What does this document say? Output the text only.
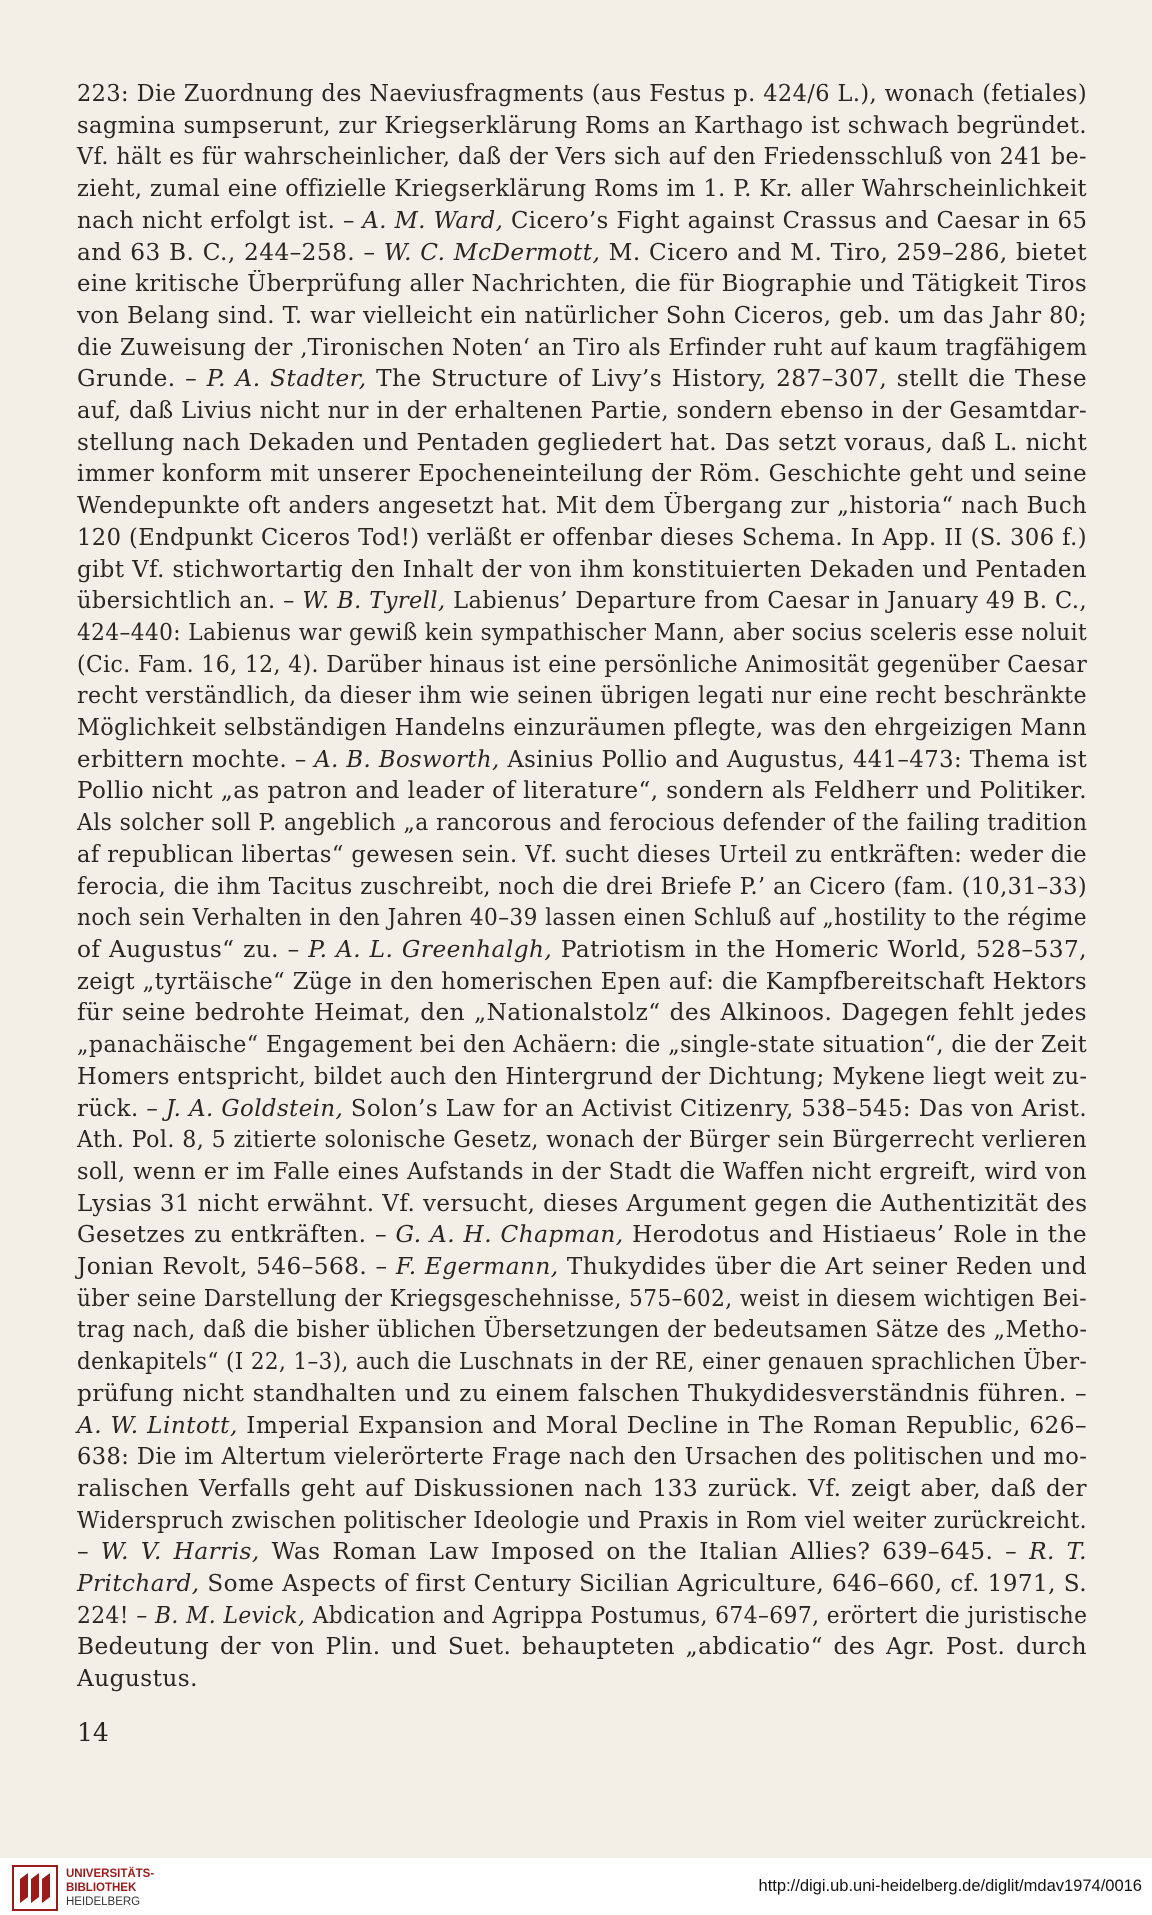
223: Die Zuordnung des Naeviusfragments (aus Festus p. 424/6 L.), wonach (fetiales)
sagmina sumpserunt, zur Kriegserklärung Roms an Karthago ist schwach begründet.
Vf. hält es für wahrscheinlicher, daß der Vers sich auf den Friedensschluß von 241 be-
zieht, zumal eine offizielle Kriegserklärung Roms im 1. P. Kr. aller Wahrscheinlichkeit
nach nicht erfolgt ist. – A. M. Ward, Cicero’s Fight against Crassus and Caesar in 65
and 63 B. C., 244–258. – W. C. McDermott, M. Cicero and M. Tiro, 259–286, bietet
eine kritische Überprüfung aller Nachrichten, die für Biographie und Tätigkeit Tiros
von Belang sind. T. war vielleicht ein natürlicher Sohn Ciceros, geb. um das Jahr 80;
die Zuweisung der ‚Tironischen Noten‘ an Tiro als Erfinder ruht auf kaum tragfähigem
Grunde. – P. A. Stadter, The Structure of Livy’s History, 287–307, stellt die These
auf, daß Livius nicht nur in der erhaltenen Partie, sondern ebenso in der Gesamtdar-
stellung nach Dekaden und Pentaden gegliedert hat. Das setzt voraus, daß L. nicht
immer konform mit unserer Epocheneinteilung der Röm. Geschichte geht und seine
Wendepunkte oft anders angesetzt hat. Mit dem Übergang zur „historia“ nach Buch
120 (Endpunkt Ciceros Tod!) verläßt er offenbar dieses Schema. In App. II (S. 306 f.)
gibt Vf. stichwortartig den Inhalt der von ihm konstituierten Dekaden und Pentaden
übersichtlich an. – W. B. Tyrell, Labienus’ Departure from Caesar in January 49 B. C.,
424–440: Labienus war gewiß kein sympathischer Mann, aber socius sceleris esse noluit
(Cic. Fam. 16, 12, 4). Darüber hinaus ist eine persönliche Animosität gegenüber Caesar
recht verständlich, da dieser ihm wie seinen übrigen legati nur eine recht beschränkte
Möglichkeit selbständigen Handelns einzuräumen pflegte, was den ehrgeizigen Mann
erbittern mochte. – A. B. Bosworth, Asinius Pollio and Augustus, 441–473: Thema ist
Pollio nicht „as patron and leader of literature“, sondern als Feldherr und Politiker.
Als solcher soll P. angeblich „a rancorous and ferocious defender of the failing tradition
af republican libertas“ gewesen sein. Vf. sucht dieses Urteil zu entkräften: weder die
ferocia, die ihm Tacitus zuschreibt, noch die drei Briefe P.’ an Cicero (fam. (10,31–33)
noch sein Verhalten in den Jahren 40–39 lassen einen Schluß auf „hostility to the régime
of Augustus“ zu. – P. A. L. Greenhalgh, Patriotism in the Homeric World, 528–537,
zeigt „tyrtäische“ Züge in den homerischen Epen auf: die Kampfbereitschaft Hektors
für seine bedrohte Heimat, den „Nationalstolz“ des Alkinoos. Dagegen fehlt jedes
„panachäische“ Engagement bei den Achäern: die „single-state situation“, die der Zeit
Homers entspricht, bildet auch den Hintergrund der Dichtung; Mykene liegt weit zu-
rück. – J. A. Goldstein, Solon’s Law for an Activist Citizenry, 538–545: Das von Arist.
Ath. Pol. 8, 5 zitierte solonische Gesetz, wonach der Bürger sein Bürgerrecht verlieren
soll, wenn er im Falle eines Aufstands in der Stadt die Waffen nicht ergreift, wird von
Lysias 31 nicht erwähnt. Vf. versucht, dieses Argument gegen die Authentizität des
Gesetzes zu entkräften. – G. A. H. Chapman, Herodotus and Histiaeus’ Role in the
Jonian Revolt, 546–568. – F. Egermann, Thukydides über die Art seiner Reden und
über seine Darstellung der Kriegsgeschehnisse, 575–602, weist in diesem wichtigen Bei-
trag nach, daß die bisher üblichen Übersetzungen der bedeutsamen Sätze des „Metho-
denkapitels“ (I 22, 1–3), auch die Luschnats in der RE, einer genauen sprachlichen Über-
prüfung nicht standhalten und zu einem falschen Thukydidesverständnis führen. –
A. W. Lintott, Imperial Expansion and Moral Decline in The Roman Republic, 626–
638: Die im Altertum vielerörterte Frage nach den Ursachen des politischen und mo-
ralischen Verfalls geht auf Diskussionen nach 133 zurück. Vf. zeigt aber, daß der
Widerspruch zwischen politischer Ideologie und Praxis in Rom viel weiter zurückreicht.
– W. V. Harris, Was Roman Law Imposed on the Italian Allies? 639–645. – R. T.
Pritchard, Some Aspects of first Century Sicilian Agriculture, 646–660, cf. 1971, S.
224! – B. M. Levick, Abdication and Agrippa Postumus, 674–697, erörtert die juristische
Bedeutung der von Plin. und Suet. behaupteten „abdicatio“ des Agr. Post. durch
Augustus.
14
UNIVERSITÄTS-
BIBLIOTHEK
HEIDELBERG
http://digi.ub.uni-heidelberg.de/diglit/mdav1974/0016
